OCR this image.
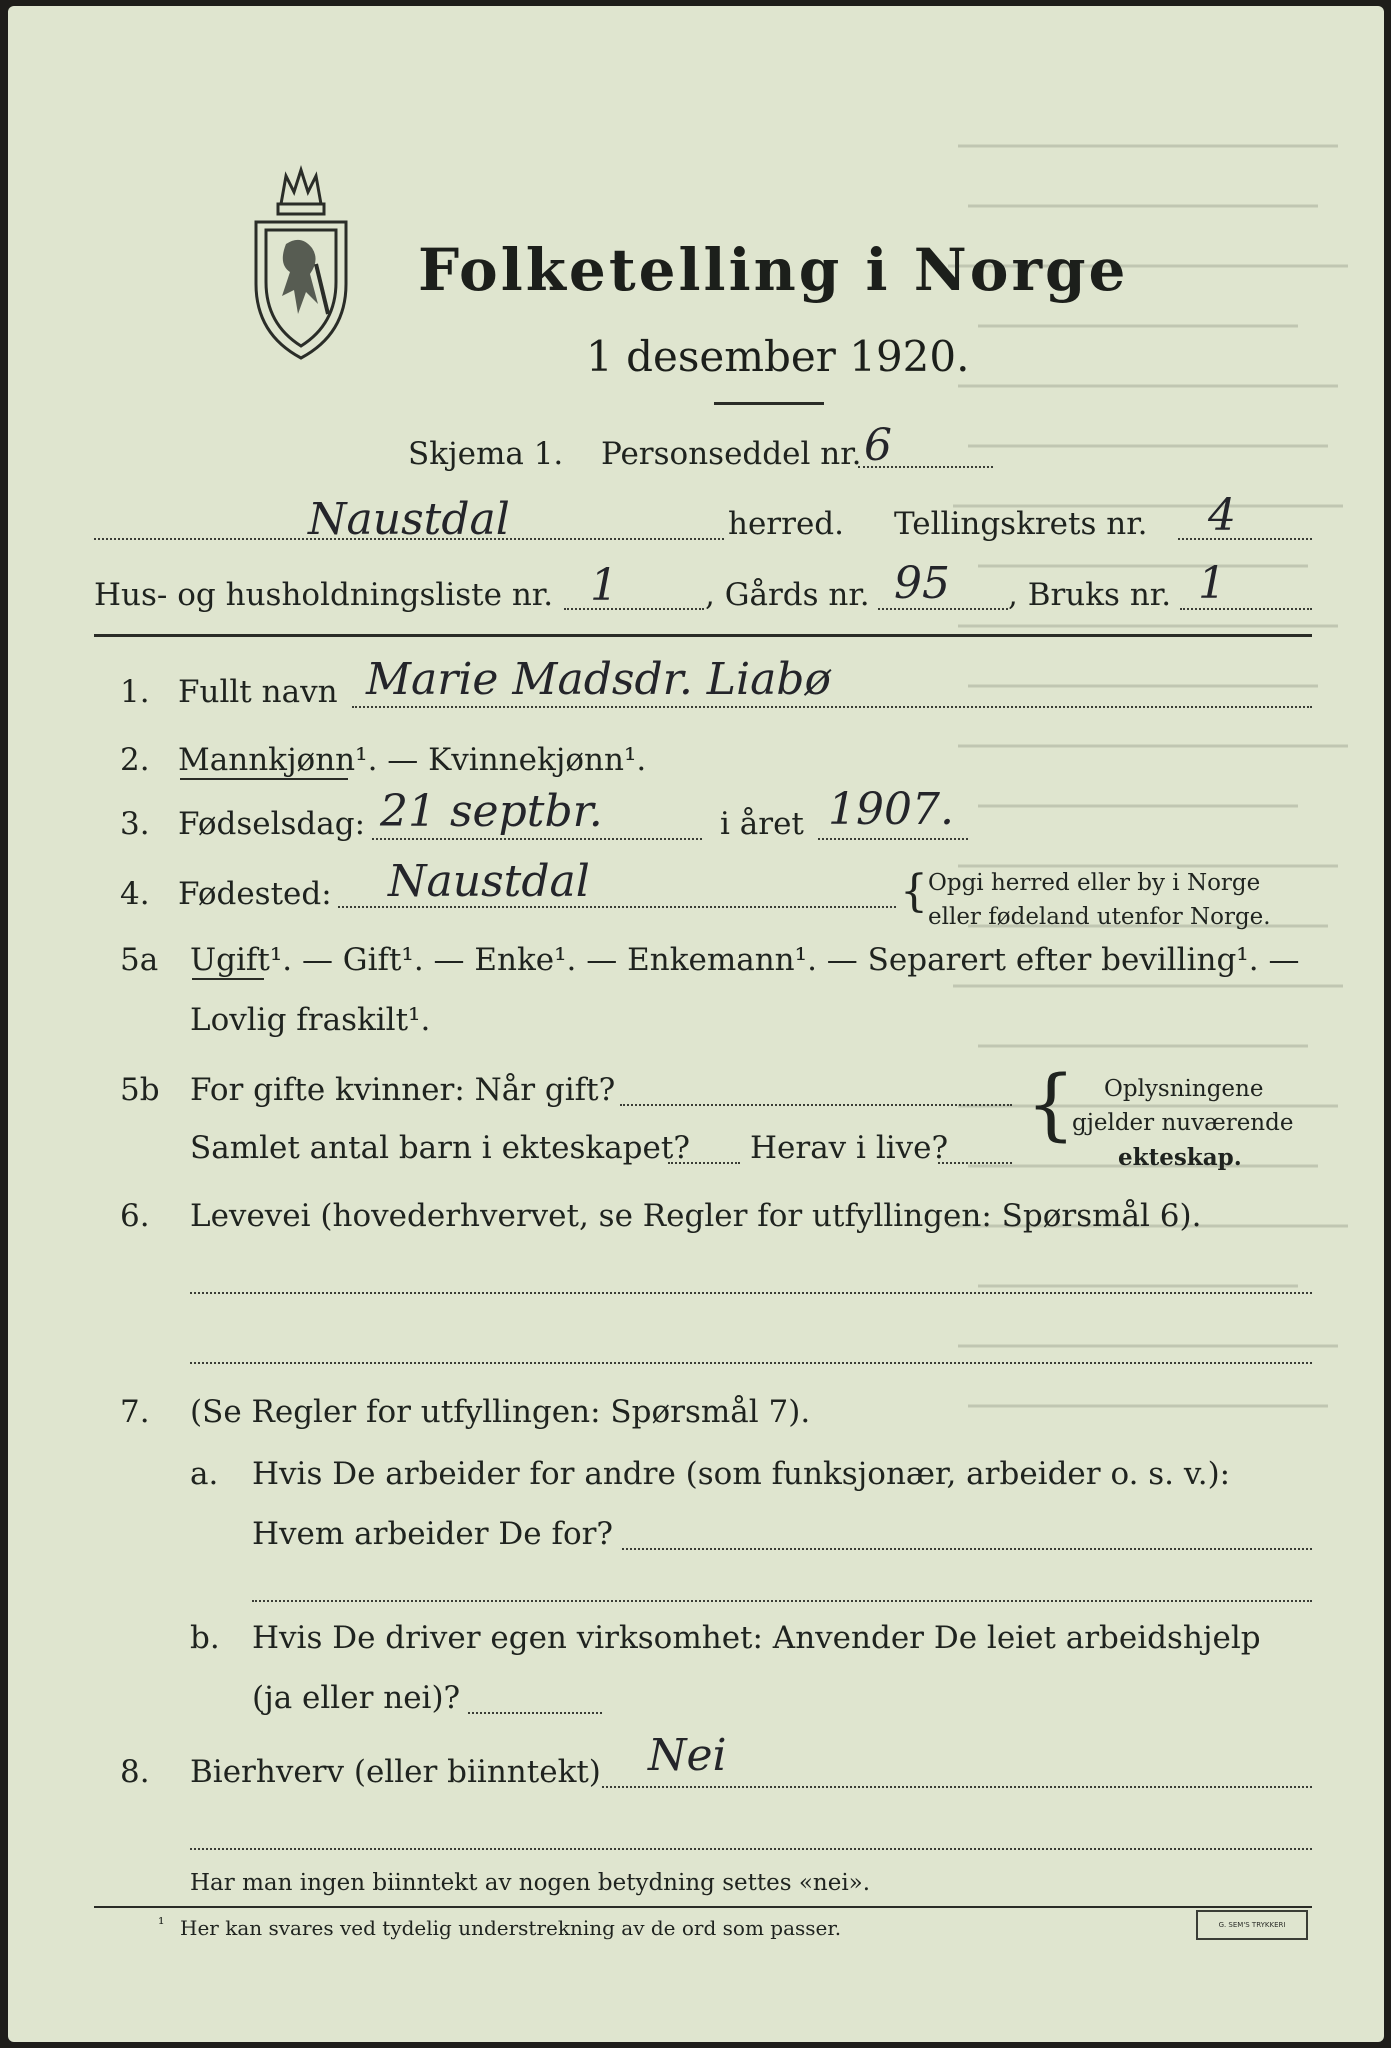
Folketelling i Norge
1 desember 1920.
Skjema 1. Personseddel nr. 6
Naustdal	herred. Tellingskrets nr. 4
Hus- og husholdningsliste nr. 1	, Gårds nr. 95 , Bruks nr. 1
1. Fullt navn Marie Madsdr. Liabø
2. Mannkjønn¹. — Kvinnekjønn¹.
3. Fødselsdag: 21 septbr.	i året 1907.
4. Fødested: Naustdal	{ Opgi herred eller by i Norge
eller fødeland utenfor Norge.
5a Ugift¹. — Gift¹. — Enke¹. — Enkemann¹. — Separert efter bevilling¹. —
Lovlig fraskilt¹.
5b For gifte kvinner: Når gift?
Samlet antal barn i ekteskapet? Herav i live? { Oplysningene
gjelder nuværende
ekteskap.
6. Levevei (hovederhvervet, se Regler for utfyllingen: Spørsmål 6).
7. (Se Regler for utfyllingen: Spørsmål 7).
a. Hvis De arbeider for andre (som funksjonær, arbeider o. s. v.):
Hvem arbeider De for?
b. Hvis De driver egen virksomhet: Anvender De leiet arbeidshjelp
(ja eller nei)?
8. Bierhverv (eller biinntekt) Nei
Har man ingen biinntekt av nogen betydning settes «nei».
¹ Her kan svares ved tydelig understrekning av de ord som passer.	G. SEM'S TRYKKERI
